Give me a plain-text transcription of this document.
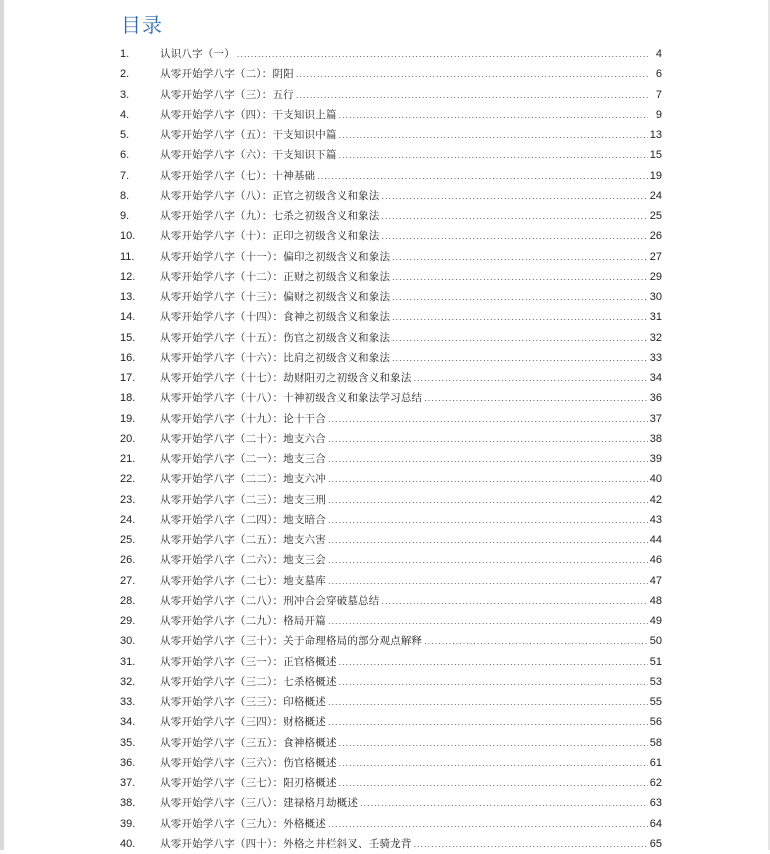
目录
1.	认识八字（一） .....	4
2.	从零开始学八字（二）：阴阳 .....	6
3.	从零开始学八字（三）：五行 .....	7
4.	从零开始学八字（四）：干支知识上篇 .....	9
5.	从零开始学八字（五）：干支知识中篇 .....	13
6.	从零开始学八字（六）：干支知识下篇 .....	15
7.	从零开始学八字（七）：十神基础 .....	19
8.	从零开始学八字（八）：正官之初级含义和象法 .....	24
9.	从零开始学八字（九）：七杀之初级含义和象法 .....	25
10.	从零开始学八字（十）：正印之初级含义和象法 .....	26
11.	从零开始学八字（十一）：偏印之初级含义和象法 .....	27
12.	从零开始学八字（十二）：正财之初级含义和象法 .....	29
13.	从零开始学八字（十三）：偏财之初级含义和象法 .....	30
14.	从零开始学八字（十四）：食神之初级含义和象法 .....	31
15.	从零开始学八字（十五）：伤官之初级含义和象法 .....	32
16.	从零开始学八字（十六）：比肩之初级含义和象法 .....	33
17.	从零开始学八字（十七）：劫财阳刃之初级含义和象法 .....	34
18.	从零开始学八字（十八）：十神初级含义和象法学习总结 .....	36
19.	从零开始学八字（十九）：论十干合 .....	37
20.	从零开始学八字（二十）：地支六合 .....	38
21.	从零开始学八字（二一）：地支三合 .....	39
22.	从零开始学八字（二二）：地支六冲 .....	40
23.	从零开始学八字（二三）：地支三刑 .....	42
24.	从零开始学八字（二四）：地支暗合 .....	43
25.	从零开始学八字（二五）：地支六害 .....	44
26.	从零开始学八字（二六）：地支三会 .....	46
27.	从零开始学八字（二七）：地支墓库 .....	47
28.	从零开始学八字（二八）：刑冲合会穿破墓总结 .....	48
29.	从零开始学八字（二九）：格局开篇 .....	49
30.	从零开始学八字（三十）：关于命理格局的部分观点解释 .....	50
31.	从零开始学八字（三一）：正官格概述 .....	51
32.	从零开始学八字（三二）：七杀格概述 .....	53
33.	从零开始学八字（三三）：印格概述 .....	55
34.	从零开始学八字（三四）：财格概述 .....	56
35.	从零开始学八字（三五）：食神格概述 .....	58
36.	从零开始学八字（三六）：伤官格概述 .....	61
37.	从零开始学八字（三七）：阳刃格概述 .....	62
38.	从零开始学八字（三八）：建禄格月劫概述 .....	63
39.	从零开始学八字（三九）：外格概述 .....	64
40.	从零开始学八字（四十）：外格之井栏斜叉、壬骑龙背 .....	65
